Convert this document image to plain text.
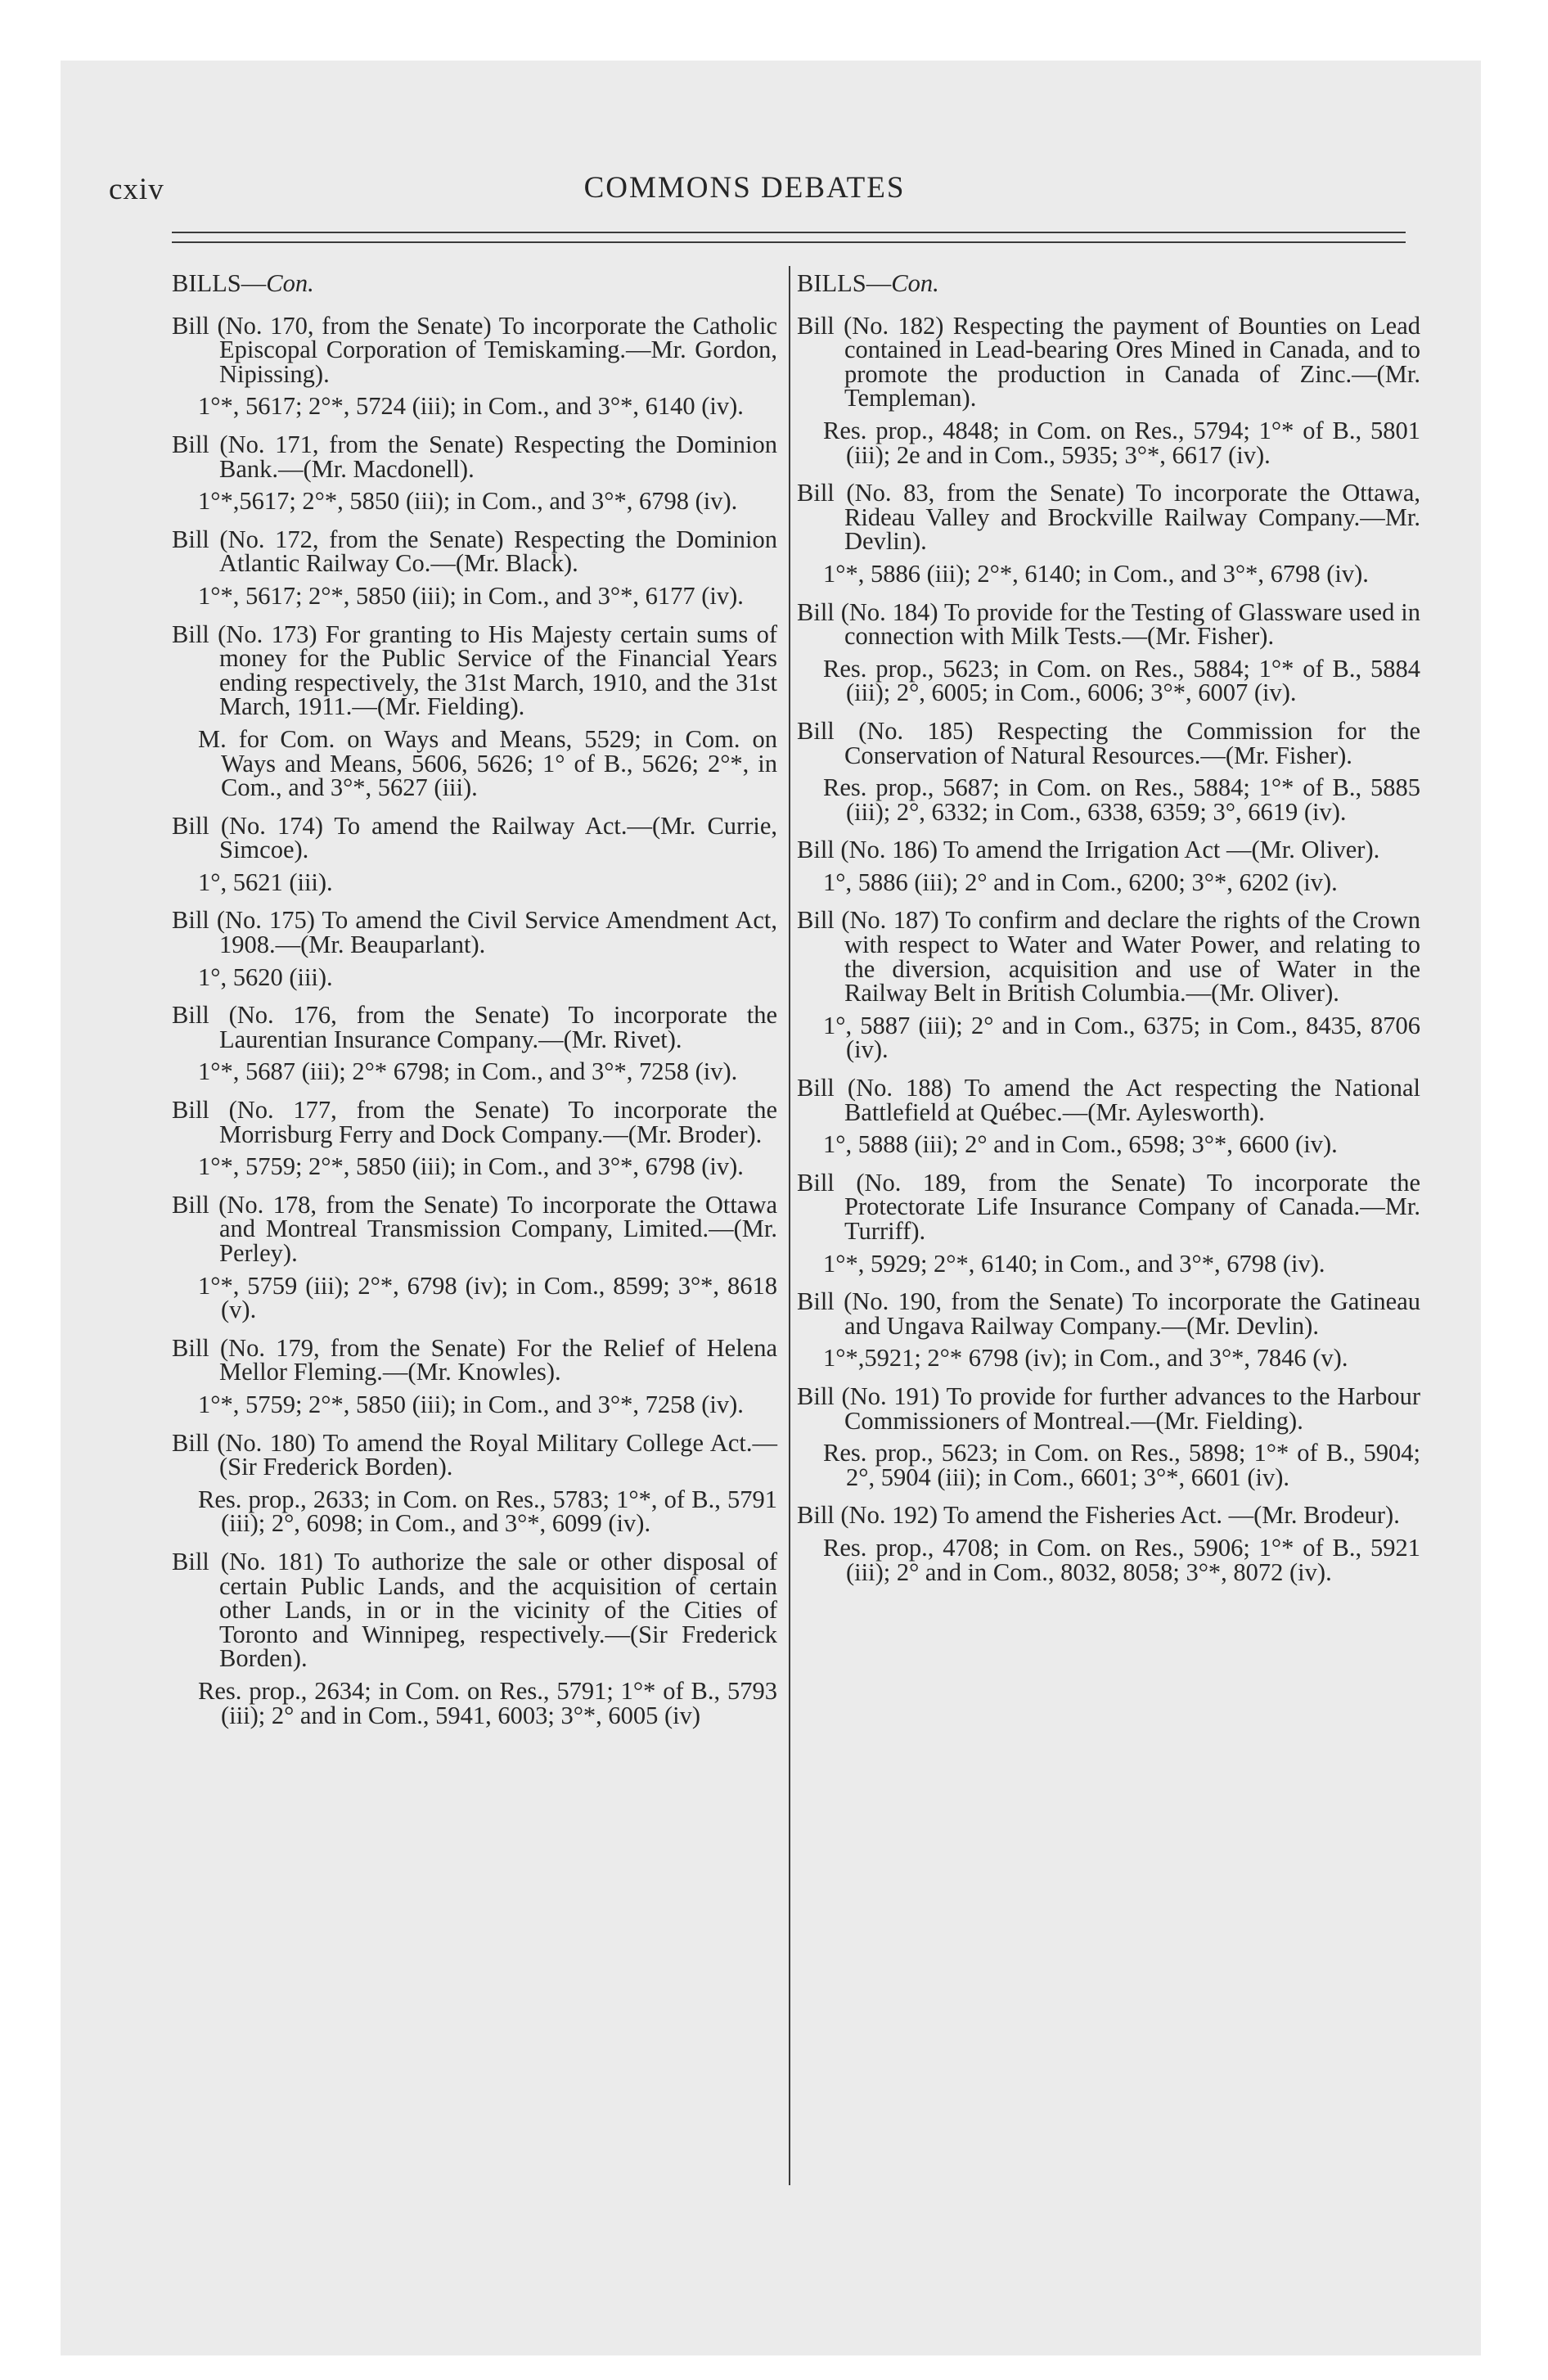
cxiv	COMMONS DEBATES
BILLS—Con.

Bill (No. 170, from the Senate) To incorporate the Catholic Episcopal Corporation of Temiskaming.—Mr. Gordon, Nipissing).

1°*, 5617; 2°*, 5724 (iii); in Com., and 3°*, 6140 (iv).

Bill (No. 171, from the Senate) Respecting the Dominion Bank.—(Mr. Macdonell).

1°*,5617; 2°*, 5850 (iii); in Com., and 3°*, 6798 (iv).

Bill (No. 172, from the Senate) Respecting the Dominion Atlantic Railway Co.—(Mr. Black).

1°*, 5617; 2°*, 5850 (iii); in Com., and 3°*, 6177 (iv).

Bill (No. 173) For granting to His Majesty certain sums of money for the Public Service of the Financial Years ending respectively, the 31st March, 1910, and the 31st March, 1911.—(Mr. Fielding).

M. for Com. on Ways and Means, 5529; in Com. on Ways and Means, 5606, 5626; 1° of B., 5626; 2°*, in Com., and 3°*, 5627 (iii).

Bill (No. 174) To amend the Railway Act.—(Mr. Currie, Simcoe).

1°, 5621 (iii).

Bill (No. 175) To amend the Civil Service Amendment Act, 1908.—(Mr. Beauparlant).

1°, 5620 (iii).

Bill (No. 176, from the Senate) To incorporate the Laurentian Insurance Company.—(Mr. Rivet).

1°*, 5687 (iii); 2°* 6798; in Com., and 3°*, 7258 (iv).

Bill (No. 177, from the Senate) To incorporate the Morrisburg Ferry and Dock Company.—(Mr. Broder).

1°*, 5759; 2°*, 5850 (iii); in Com., and 3°*, 6798 (iv).

Bill (No. 178, from the Senate) To incorporate the Ottawa and Montreal Transmission Company, Limited.—(Mr. Perley).

1°*, 5759 (iii); 2°*, 6798 (iv); in Com., 8599; 3°*, 8618 (v).

Bill (No. 179, from the Senate) For the Relief of Helena Mellor Fleming.—(Mr. Knowles).

1°*, 5759; 2°*, 5850 (iii); in Com., and 3°*, 7258 (iv).

Bill (No. 180) To amend the Royal Military College Act.—(Sir Frederick Borden).

Res. prop., 2633; in Com. on Res., 5783; 1°*, of B., 5791 (iii); 2°, 6098; in Com., and 3°*, 6099 (iv).

Bill (No. 181) To authorize the sale or other disposal of certain Public Lands, and the acquisition of certain other Lands, in or in the vicinity of the Cities of Toronto and Winnipeg, respectively.—(Sir Frederick Borden).

Res. prop., 2634; in Com. on Res., 5791; 1°* of B., 5793 (iii); 2° and in Com., 5941, 6003; 3°*, 6005 (iv)

BILLS—Con.

Bill (No. 182) Respecting the payment of Bounties on Lead contained in Lead-bearing Ores Mined in Canada, and to promote the production in Canada of Zinc.—(Mr. Templeman).

Res. prop., 4848; in Com. on Res., 5794; 1°* of B., 5801 (iii); 2e and in Com., 5935; 3°*, 6617 (iv).

Bill (No. 83, from the Senate) To incorporate the Ottawa, Rideau Valley and Brockville Railway Company.—Mr. Devlin).

1°*, 5886 (iii); 2°*, 6140; in Com., and 3°*, 6798 (iv).

Bill (No. 184) To provide for the Testing of Glassware used in connection with Milk Tests.—(Mr. Fisher).

Res. prop., 5623; in Com. on Res., 5884; 1°* of B., 5884 (iii); 2°, 6005; in Com., 6006; 3°*, 6007 (iv).

Bill (No. 185) Respecting the Commission for the Conservation of Natural Resources.—(Mr. Fisher).

Res. prop., 5687; in Com. on Res., 5884; 1°* of B., 5885 (iii); 2°, 6332; in Com., 6338, 6359; 3°, 6619 (iv).

Bill (No. 186) To amend the Irrigation Act —(Mr. Oliver).

1°, 5886 (iii); 2° and in Com., 6200; 3°*, 6202 (iv).

Bill (No. 187) To confirm and declare the rights of the Crown with respect to Water and Water Power, and relating to the diversion, acquisition and use of Water in the Railway Belt in British Columbia.—(Mr. Oliver).

1°, 5887 (iii); 2° and in Com., 6375; in Com., 8435, 8706 (iv).

Bill (No. 188) To amend the Act respecting the National Battlefield at Québec.—(Mr. Aylesworth).

1°, 5888 (iii); 2° and in Com., 6598; 3°*, 6600 (iv).

Bill (No. 189, from the Senate) To incorporate the Protectorate Life Insurance Company of Canada.—Mr. Turriff).

1°*, 5929; 2°*, 6140; in Com., and 3°*, 6798 (iv).

Bill (No. 190, from the Senate) To incorporate the Gatineau and Ungava Railway Company.—(Mr. Devlin).

1°*,5921; 2°* 6798 (iv); in Com., and 3°*, 7846 (v).

Bill (No. 191) To provide for further advances to the Harbour Commissioners of Montreal.—(Mr. Fielding).

Res. prop., 5623; in Com. on Res., 5898; 1°* of B., 5904; 2°, 5904 (iii); in Com., 6601; 3°*, 6601 (iv).

Bill (No. 192) To amend the Fisheries Act. —(Mr. Brodeur).

Res. prop., 4708; in Com. on Res., 5906; 1°* of B., 5921 (iii); 2° and in Com., 8032, 8058; 3°*, 8072 (iv).
